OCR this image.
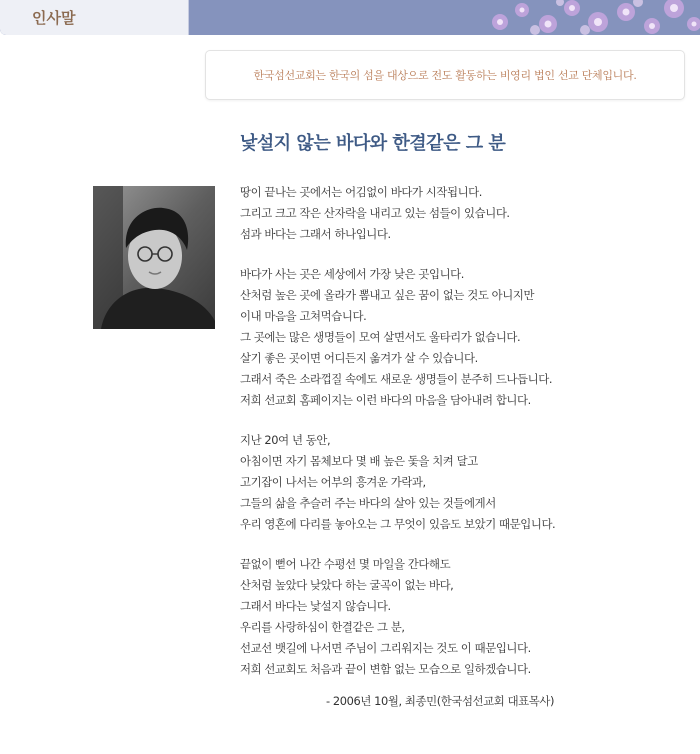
인사말
한국섬선교회는 한국의 섬을 대상으로 전도 활동하는 비영리 법인 선교 단체입니다.
낯설지 않는 바다와 한결같은 그 분
땅이 끝나는 곳에서는 어김없이 바다가 시작됩니다.
그리고 크고 작은 산자락을 내리고 있는 섬들이 있습니다.
섬과 바다는 그래서 하나입니다.
바다가 사는 곳은 세상에서 가장 낮은 곳입니다.
산처럼 높은 곳에 올라가 뽐내고 싶은 꿈이 없는 것도 아니지만
이내 마음을 고쳐먹습니다.
그 곳에는 많은 생명들이 모여 살면서도 울타리가 없습니다.
살기 좋은 곳이면 어디든지 옮겨가 살 수 있습니다.
그래서 죽은 소라껍질 속에도 새로운 생명들이 분주히 드나듭니다.
저희 선교회 홈페이지는 이런 바다의 마음을 담아내려 합니다.
지난 20여 년 동안,
아침이면 자기 몸체보다 몇 배 높은 돛을 치켜 달고
고기잡이 나서는 어부의 흥겨운 가락과,
그들의 삶을 추슬러 주는 바다의 살아 있는 것들에게서
우리 영혼에 다리를 놓아오는 그 무엇이 있음도 보았기 때문입니다.
끝없이 뻗어 나간 수평선 몇 마일을 간다해도
산처럼 높았다 낮았다 하는 굴곡이 없는 바다,
그래서 바다는 낯설지 않습니다.
우리를 사랑하심이 한결같은 그 분,
선교선 뱃길에 나서면 주님이 그리워지는 것도 이 때문입니다.
저희 선교회도 처음과 끝이 변함 없는 모습으로 일하겠습니다.
- 2006년 10월, 최종민(한국섬선교회 대표목사)
